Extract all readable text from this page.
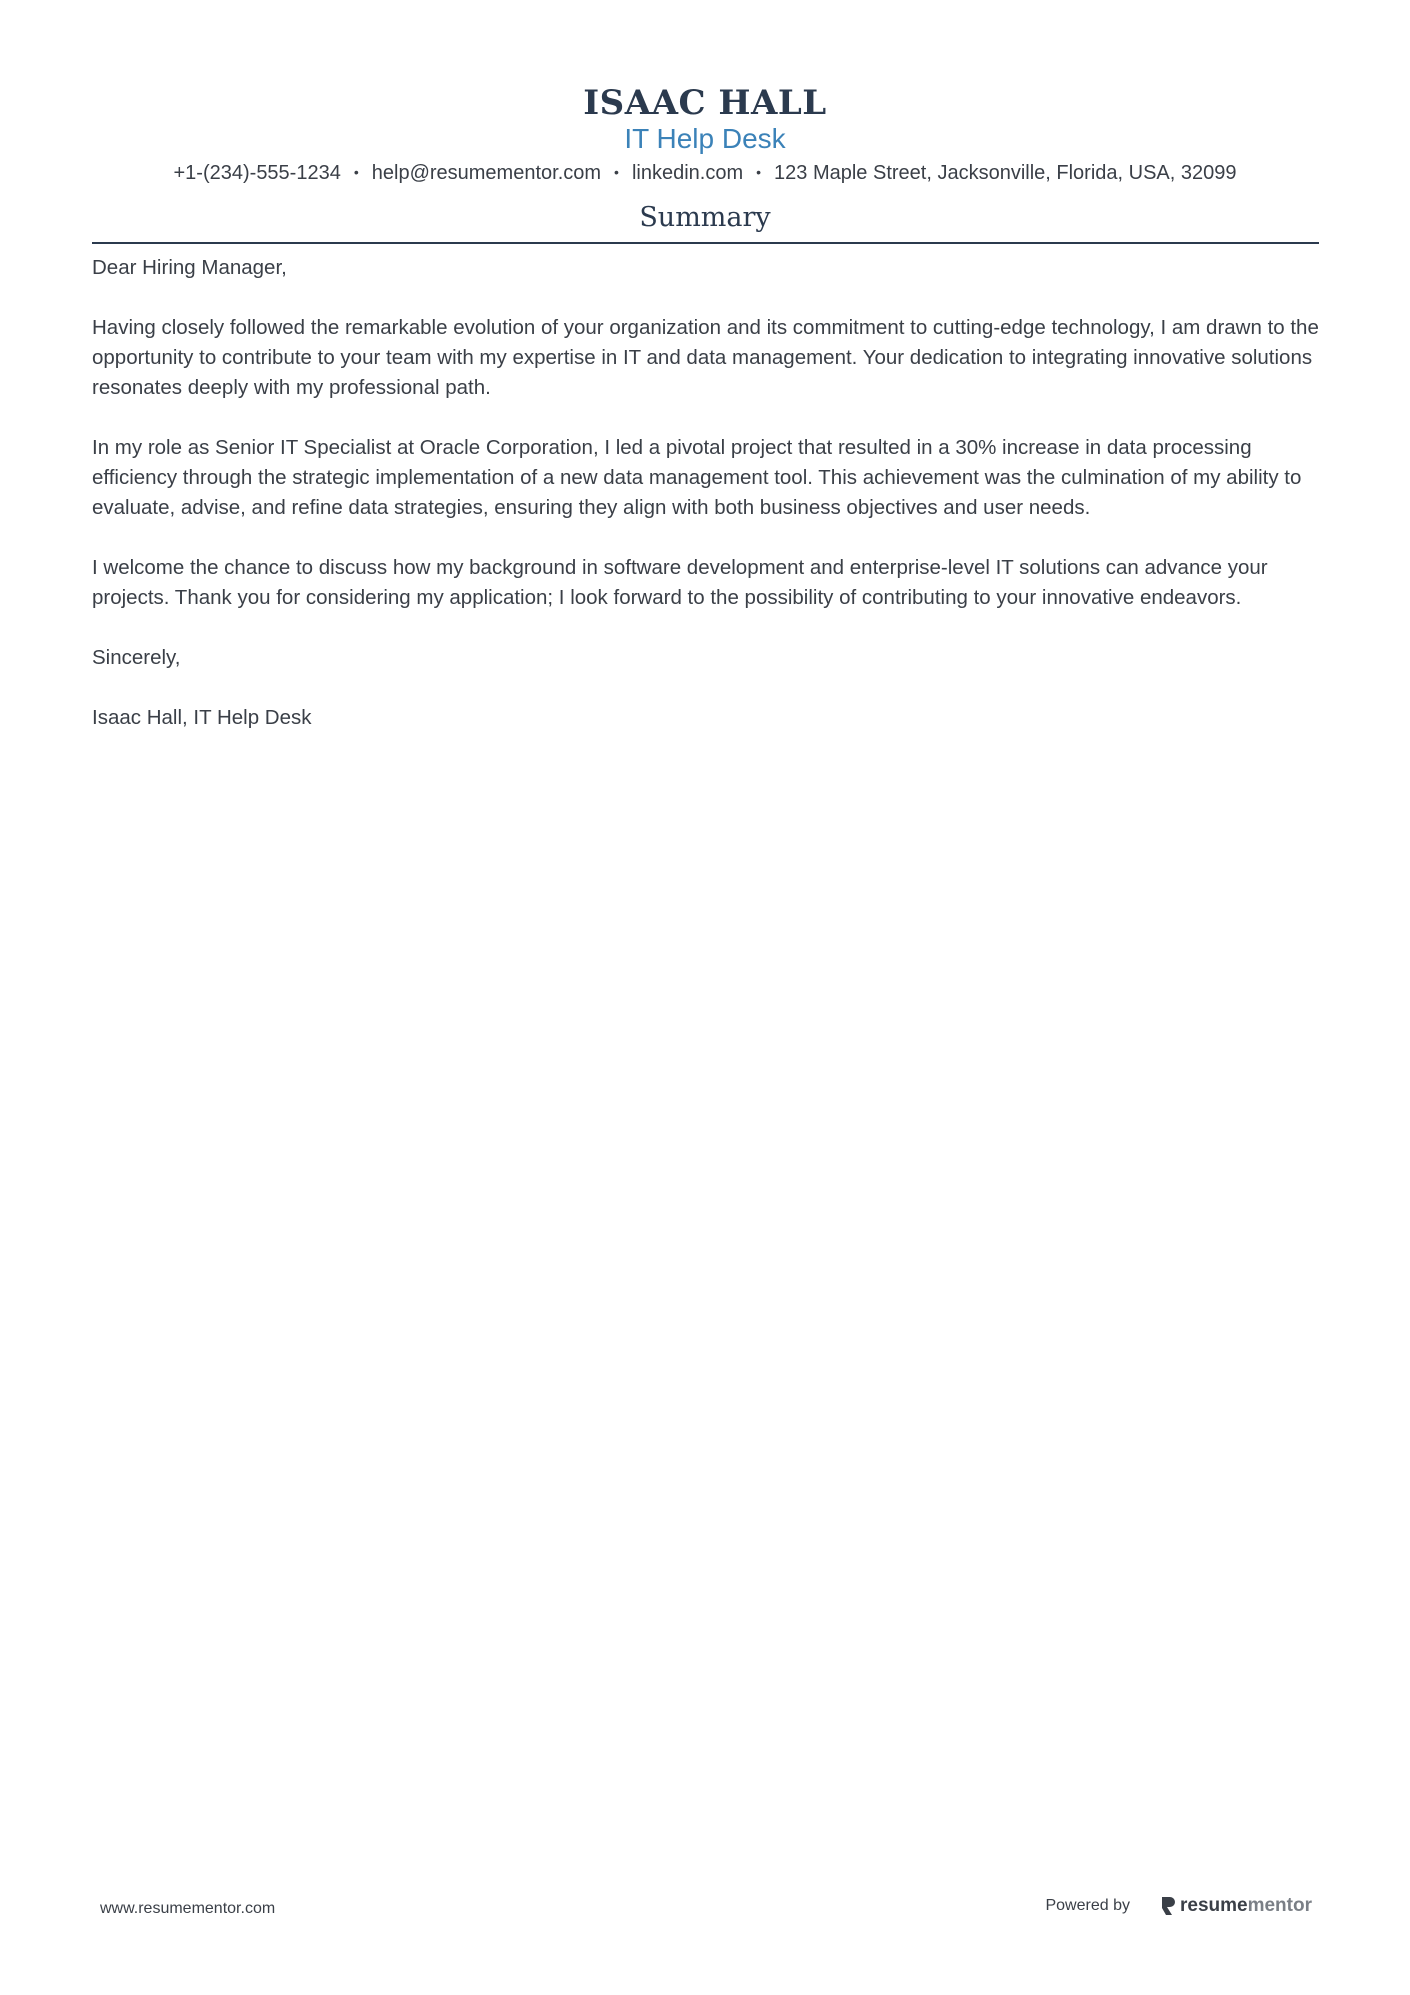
ISAAC HALL
IT Help Desk
+1-(234)-555-1234 • help@resumementor.com • linkedin.com • 123 Maple Street, Jacksonville, Florida, USA, 32099
Summary

Dear Hiring Manager,

Having closely followed the remarkable evolution of your organization and its commitment to cutting-edge technology, I am drawn to the opportunity to contribute to your team with my expertise in IT and data management. Your dedication to integrating innovative solutions resonates deeply with my professional path.

In my role as Senior IT Specialist at Oracle Corporation, I led a pivotal project that resulted in a 30% increase in data processing efficiency through the strategic implementation of a new data management tool. This achievement was the culmination of my ability to evaluate, advise, and refine data strategies, ensuring they align with both business objectives and user needs.

I welcome the chance to discuss how my background in software development and enterprise-level IT solutions can advance your projects. Thank you for considering my application; I look forward to the possibility of contributing to your innovative endeavors.

Sincerely,

Isaac Hall, IT Help Desk

www.resumementor.com	Powered by	resume mentor
